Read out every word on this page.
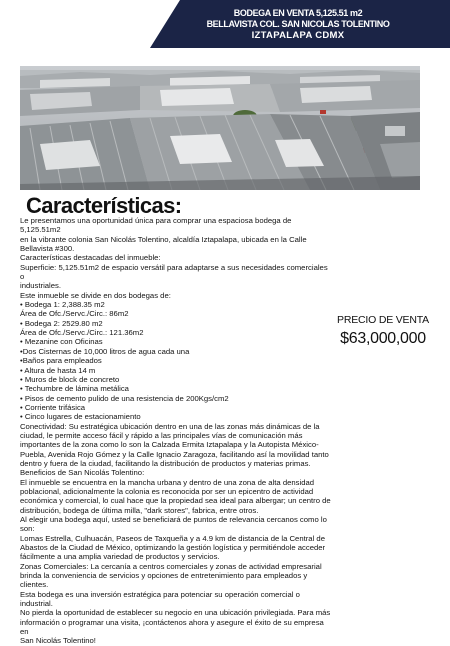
BODEGA EN VENTA 5,125.51 m2
BELLAVISTA COL. SAN NICOLAS TOLENTINO
IZTAPALAPA CDMX
Características:

Le presentamos una oportunidad única para comprar una espaciosa bodega de 5,125.51m2

en la vibrante colonia San Nicolás Tolentino, alcaldía Iztapalapa, ubicada en la Calle

Bellavista #300.

Características destacadas del inmueble:

Superficie: 5,125.51m2 de espacio versátil para adaptarse a sus necesidades comerciales o

industriales.

Este inmueble se divide en dos bodegas de:

• Bodega 1: 2,388.35 m2

Área de Ofc./Servc./Circ.: 86m2

• Bodega 2: 2529.80 m2

Área de Ofc./Servc./Circ.: 121.36m2

• Mezanine con Oficinas

•Dos Cisternas de 10,000 litros de agua cada una

•Baños para empleados

• Altura de hasta 14 m

• Muros de block de concreto

• Techumbre de lámina metálica

• Pisos de cemento pulido de una resistencia de 200Kgs/cm2

• Corriente trifásica

• Cinco lugares de estacionamiento

Conectividad: Su estratégica ubicación dentro en una de las zonas más dinámicas de la

ciudad, le permite acceso fácil y rápido a las principales vías de comunicación más

importantes de la zona como lo son la Calzada Ermita Iztapalapa y la Autopista México-

Puebla, Avenida Rojo Gómez y la Calle Ignacio Zaragoza, facilitando así la movilidad tanto

dentro y fuera de la ciudad, facilitando la distribución de productos y materias primas.

Beneficios de San Nicolás Tolentino:

El inmueble se encuentra en la mancha urbana y dentro de una zona de alta densidad

poblacional, adicionalmente la colonia es reconocida por ser un epicentro de actividad

económica y comercial, lo cual hace que la propiedad sea ideal para albergar; un centro de

distribución, bodega de última milla, "dark stores", fabrica, entre otros.

Al elegir una bodega aquí, usted se beneficiará de puntos de relevancia cercanos como lo

son:

Lomas Estrella, Culhuacán, Paseos de Taxqueña y a 4.9 km de distancia de la Central de

Abastos de la Ciudad de México, optimizando la gestión logística y permitiéndole acceder

fácilmente a una amplia variedad de productos y servicios.

Zonas Comerciales: La cercanía a centros comerciales y zonas de actividad empresarial

brinda la conveniencia de servicios y opciones de entretenimiento para empleados y

clientes.

Esta bodega es una inversión estratégica para potenciar su operación comercial o industrial.

No pierda la oportunidad de establecer su negocio en una ubicación privilegiada. Para más

información o programar una visita, ¡contáctenos ahora y asegure el éxito de su empresa en

San Nicolás Tolentino!

PRECIO DE VENTA
$63,000,000
